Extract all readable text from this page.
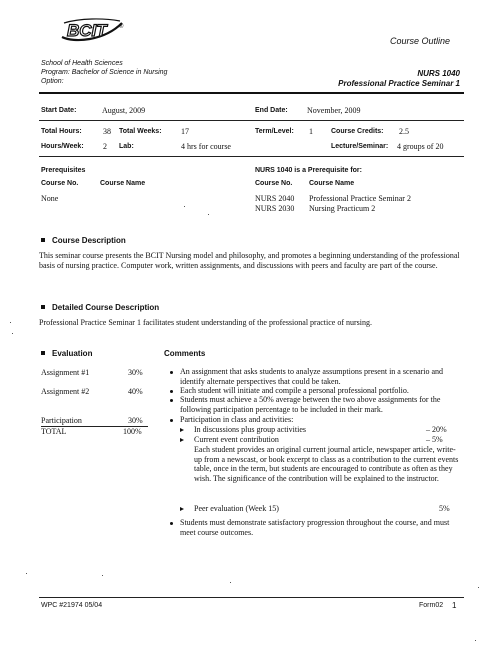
BCIT ®
Course Outline
School of Health Sciences
Program: Bachelor of Science in Nursing
Option:
NURS 1040
Professional Practice Seminar 1
Start Date:	August, 2009	End Date: November, 2009
Total Hours:	38 Total Weeks: 17	Term/Level: 1	Course Credits: 2.5
Hours/Week: 2 Lab:	4 hrs for course	Lecture/Seminar: 4 groups of 20
Prerequisites
Course No.	Course Name
None
NURS 1040 is a Prerequisite for:
Course No. Course Name
NURS 2040 Professional Practice Seminar 2
NURS 2030 Nursing Practicum 2
Course Description
This seminar course presents the BCIT Nursing model and philosophy, and promotes a beginning understanding of the professional basis of nursing practice. Computer work, written assignments, and discussions with peers and faculty are part of the course.
Detailed Course Description
Professional Practice Seminar 1 facilitates student understanding of the professional practice of nursing.
Evaluation	Comments
Assignment #1	30%
Assignment #2	40%
Participation	30%
TOTAL	100%
An assignment that asks students to analyze assumptions present in a scenario and identify alternate perspectives that could be taken.
Each student will initiate and compile a personal professional portfolio.
Students must achieve a 50% average between the two above assignments for the following participation percentage to be included in their mark.
Participation in class and activities:
In discussions plus group activities	– 20%
Current event contribution	– 5%
Each student provides an original current journal article, newspaper article, write-up from a newscast, or book excerpt to class as a contribution to the current events table, once in the term, but students are encouraged to contribute as often as they wish. The significance of the contribution will be explained to the instructor.
Peer evaluation (Week 15)	5%
Students must demonstrate satisfactory progression throughout the course, and must meet course outcomes.
WPC #21974 05/04	Form02 1
